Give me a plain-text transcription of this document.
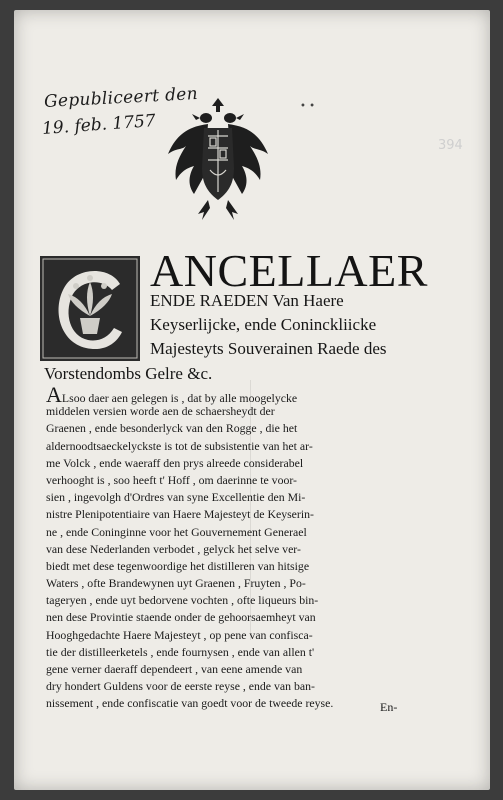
Gepublicеert den
19. feb. 1757
394
• •
ANCELLAER
ENDE RAEDEN Van Haere
Keyserlijcke, ende Coninckliicke
Majesteyts Souverainen Raede des
Vorstendombs Gelre &c.
ALsoo daer aen gelegen is , dat by alle moogelycke
middelen versien worde aen de schaersheydt der
Graenen , ende besonderlyck van den Rogge , die het
aldernoodtsaeckelyckste is tot de subsistentie van het ar-
me Volck , ende waeraff den prys alreede considerabel
verhooght is , soo heeft t' Hoff , om daerinne te voor-
sien , ingevolgh d'Ordres van syne Excellentie den Mi-
nistre Plenipotentiaire van Haere Majesteyt de Keyserin-
ne , ende Coninginne voor het Gouvernement Generael
van dese Nederlanden verbodet , gelyck het selve ver-
biedt met dese tegenwoordige het distilleren van hitsige
Waters , ofte Brandewynen uyt Graenen , Fruyten , Po-
tageryen , ende uyt bedorvene vochten , ofte liqueurs bin-
nen dese Provintie staende onder de gehoorsaemheyt van
Hooghgedachte Haere Majesteyt , op pene van confisca-
tie der distilleerketels , ende fournysen , ende van allen t'
gene verner daeraff dependeert , van eene amende van
dry hondert Guldens voor de eerste reyse , ende van ban-
nissement , ende confiscatie van goedt voor de tweede reyse.	En-
